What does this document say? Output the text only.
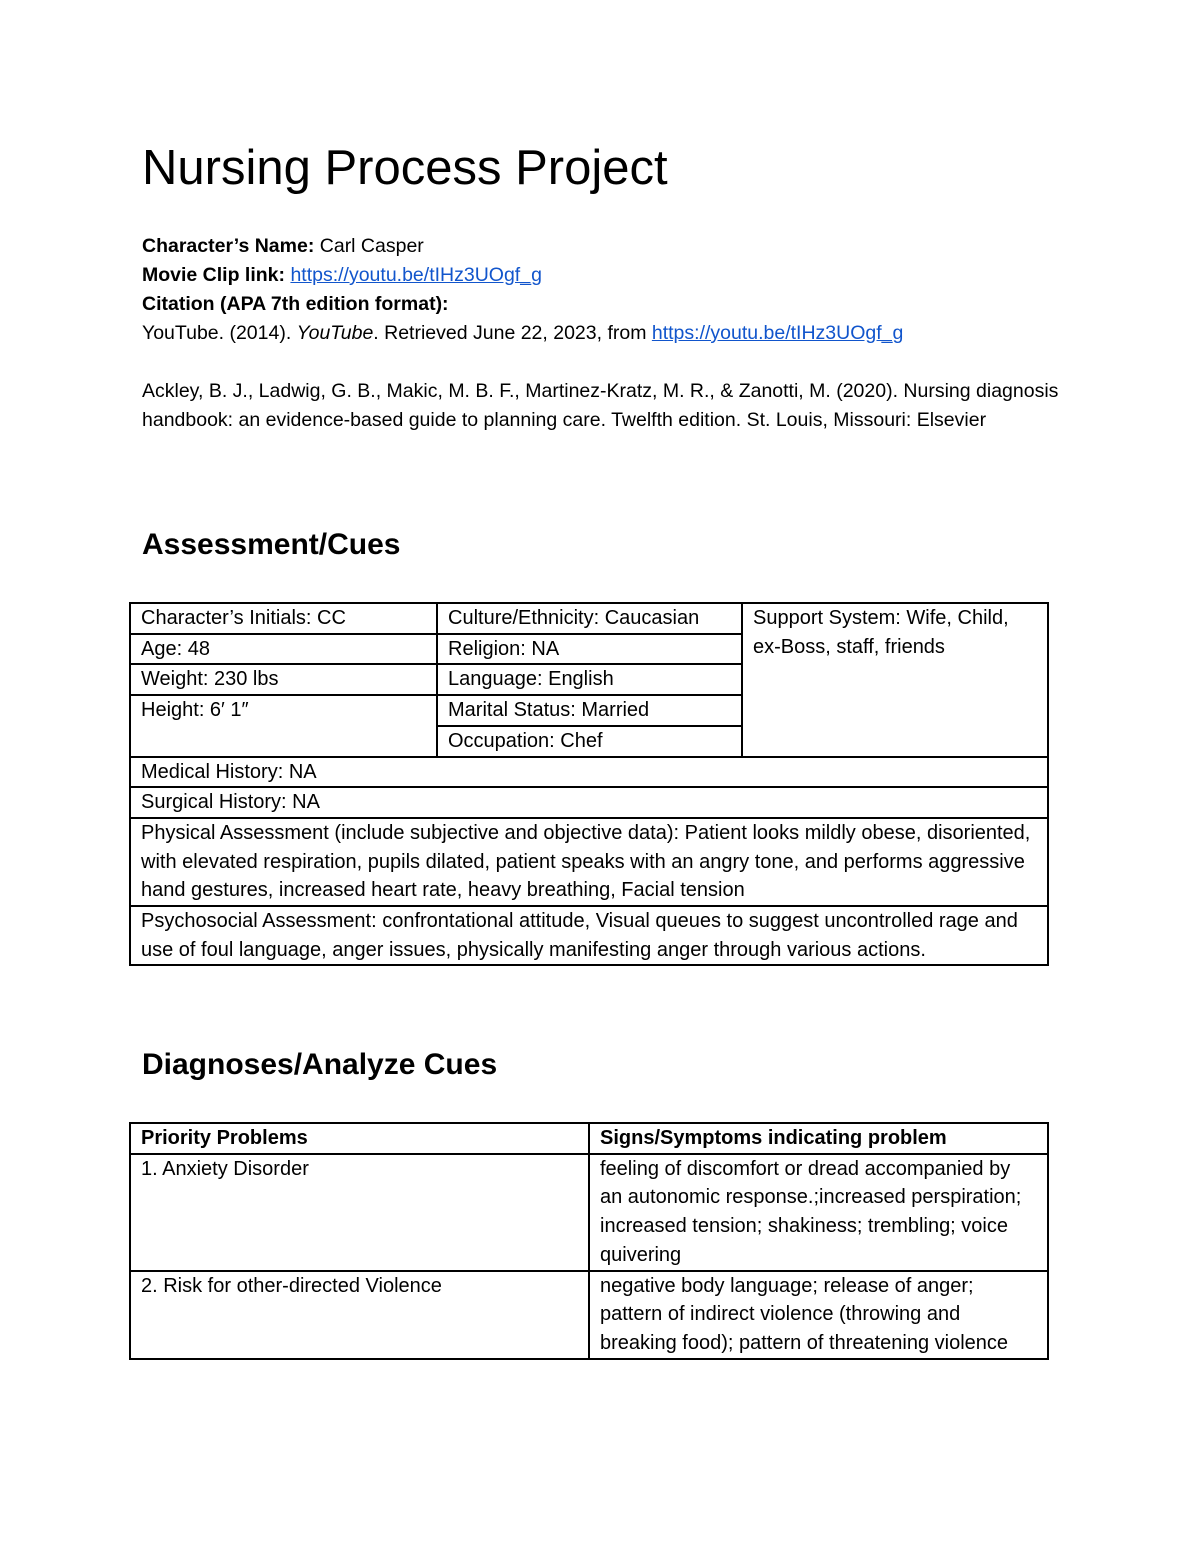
Nursing Process Project
Character’s Name: Carl Casper
Movie Clip link: https://youtu.be/tIHz3UOgf_g
Citation (APA 7th edition format):
YouTube. (2014). YouTube. Retrieved June 22, 2023, from https://youtu.be/tIHz3UOgf_g
Ackley, B. J., Ladwig, G. B., Makic, M. B. F., Martinez-Kratz, M. R., & Zanotti, M. (2020). Nursing diagnosis handbook: an evidence-based guide to planning care. Twelfth edition. St. Louis, Missouri: Elsevier
Assessment/Cues
Character’s Initials: CC	Culture/Ethnicity: Caucasian	Support System: Wife, Child, ex-Boss, staff, friends
Age: 48	Religion: NA	
Weight: 230 lbs	Language: English	
Height: 6′ 1″	Marital Status: Married	
	Occupation: Chef	
Medical History: NA		
Surgical History: NA		
Physical Assessment (include subjective and objective data): Patient looks mildly obese, disoriented, with elevated respiration, pupils dilated, patient speaks with an angry tone, and performs aggressive hand gestures, increased heart rate, heavy breathing, Facial tension		
Psychosocial Assessment: confrontational attitude, Visual queues to suggest uncontrolled rage and use of foul language, anger issues, physically manifesting anger through various actions.		
Diagnoses/Analyze Cues
Priority Problems	Signs/Symptoms indicating problem
1. Anxiety Disorder	feeling of discomfort or dread accompanied by an autonomic response.;increased perspiration; increased tension; shakiness; trembling; voice quivering
2. Risk for other-directed Violence	negative body language; release of anger; pattern of indirect violence (throwing and breaking food); pattern of threatening violence
